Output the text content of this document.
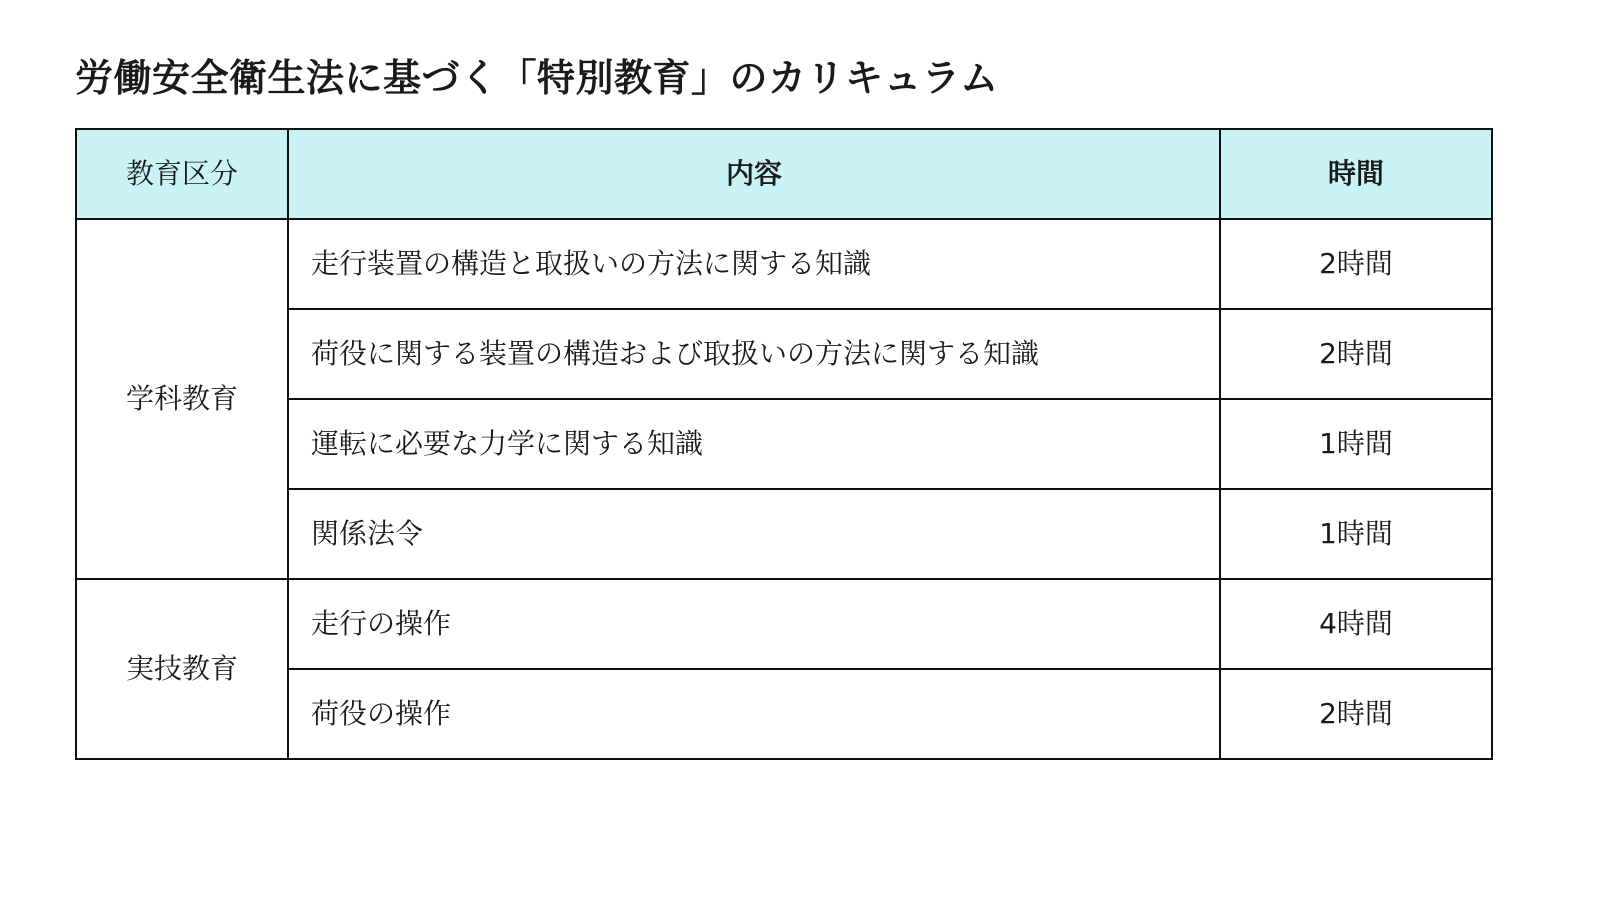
労働安全衛生法に基づく「特別教育」のカリキュラム
教育区分	内容	時間
学科教育	走行装置の構造と取扱いの方法に関する知識	2時間
	荷役に関する装置の構造および取扱いの方法に関する知識	2時間
	運転に必要な力学に関する知識	1時間
	関係法令	1時間
実技教育	走行の操作	4時間
	荷役の操作	2時間
